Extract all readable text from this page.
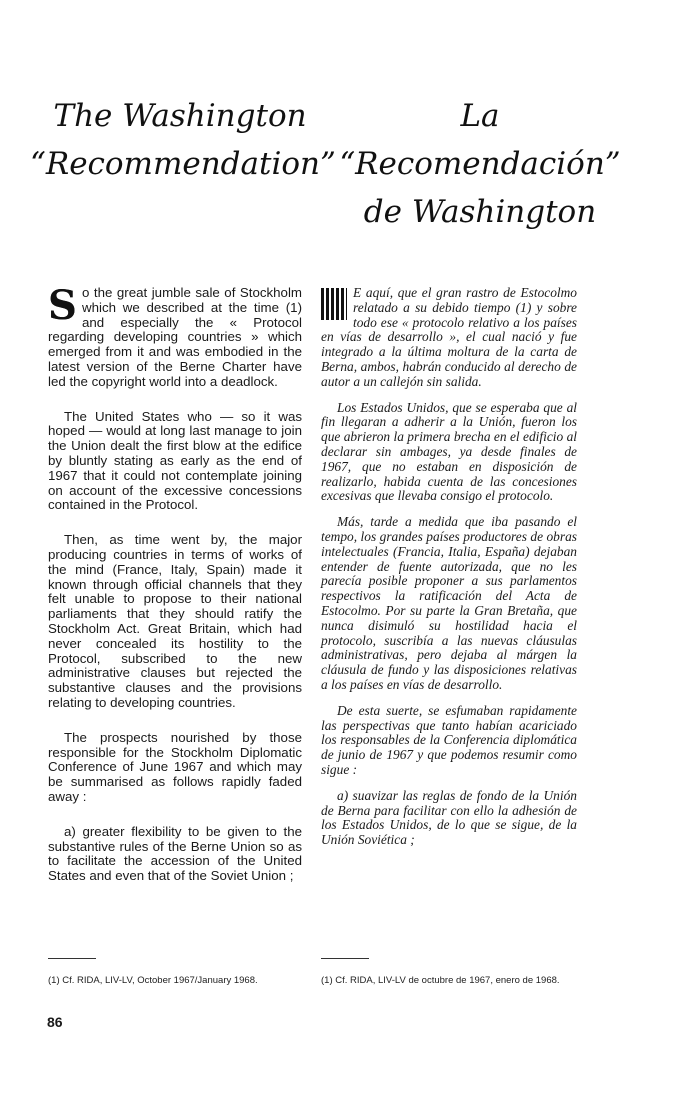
The Washington “Recommendation”
La “Recomendación” de Washington

S o the great jumble sale of Stockholm which we described at the time (1) and especially the « Protocol regarding developing countries » which emerged from it and was embodied in the latest version of the Berne Charter have led the copyright world into a deadlock.

The United States who — so it was hoped — would at long last manage to join the Union dealt the first blow at the edifice by bluntly stating as early as the end of 1967 that it could not contemplate joining on account of the excessive concessions contained in the Protocol.

Then, as time went by, the major producing countries in terms of works of the mind (France, Italy, Spain) made it known through official channels that they felt unable to propose to their national parliaments that they should ratify the Stockholm Act. Great Britain, which had never concealed its hostility to the Protocol, subscribed to the new administrative clauses but rejected the substantive clauses and the provisions relating to developing countries.

The prospects nourished by those responsible for the Stockholm Diplomatic Conference of June 1967 and which may be summarised as follows rapidly faded away :

a) greater flexibility to be given to the substantive rules of the Berne Union so as to facilitate the accession of the United States and even that of the Soviet Union ;

E aquí, que el gran rastro de Estocolmo relatado a su debido tiempo (1) y sobre todo ese « protocolo relativo a los países en vías de desarrollo », el cual nació y fue integrado a la última moltura de la carta de Berna, ambos, habrán conducido al derecho de autor a un callejón sin salida.

Los Estados Unidos, que se esperaba que al fin llegaran a adherir a la Unión, fueron los que abrieron la primera brecha en el edificio al declarar sin ambages, ya desde finales de 1967, que no estaban en disposición de realizarlo, habida cuenta de las concesiones excesivas que llevaba consigo el protocolo.

Más, tarde a medida que iba pasando el tempo, los grandes países productores de obras intelectuales (Francia, Italia, España) dejaban entender de fuente autorizada, que no les parecía posible proponer a sus parlamentos respectivos la ratificación del Acta de Estocolmo. Por su parte la Gran Bretaña, que nunca disimuló su hostilidad hacia el protocolo, suscribía a las nuevas cláusulas administrativas, pero dejaba al márgen la cláusula de fundo y las disposiciones relativas a los países en vías de desarrollo.

De esta suerte, se esfumaban rapidamente las perspectivas que tanto habían acariciado los responsables de la Conferencia diplomática de junio de 1967 y que podemos resumir como sigue :

a) suavizar las reglas de fondo de la Unión de Berna para facilitar con ello la adhesión de los Estados Unidos, de lo que se sigue, de la Unión Soviética ;

(1) Cf. RIDA, LIV-LV, October 1967/January 1968.	(1) Cf. RIDA, LIV-LV de octubre de 1967, enero de 1968.
86
